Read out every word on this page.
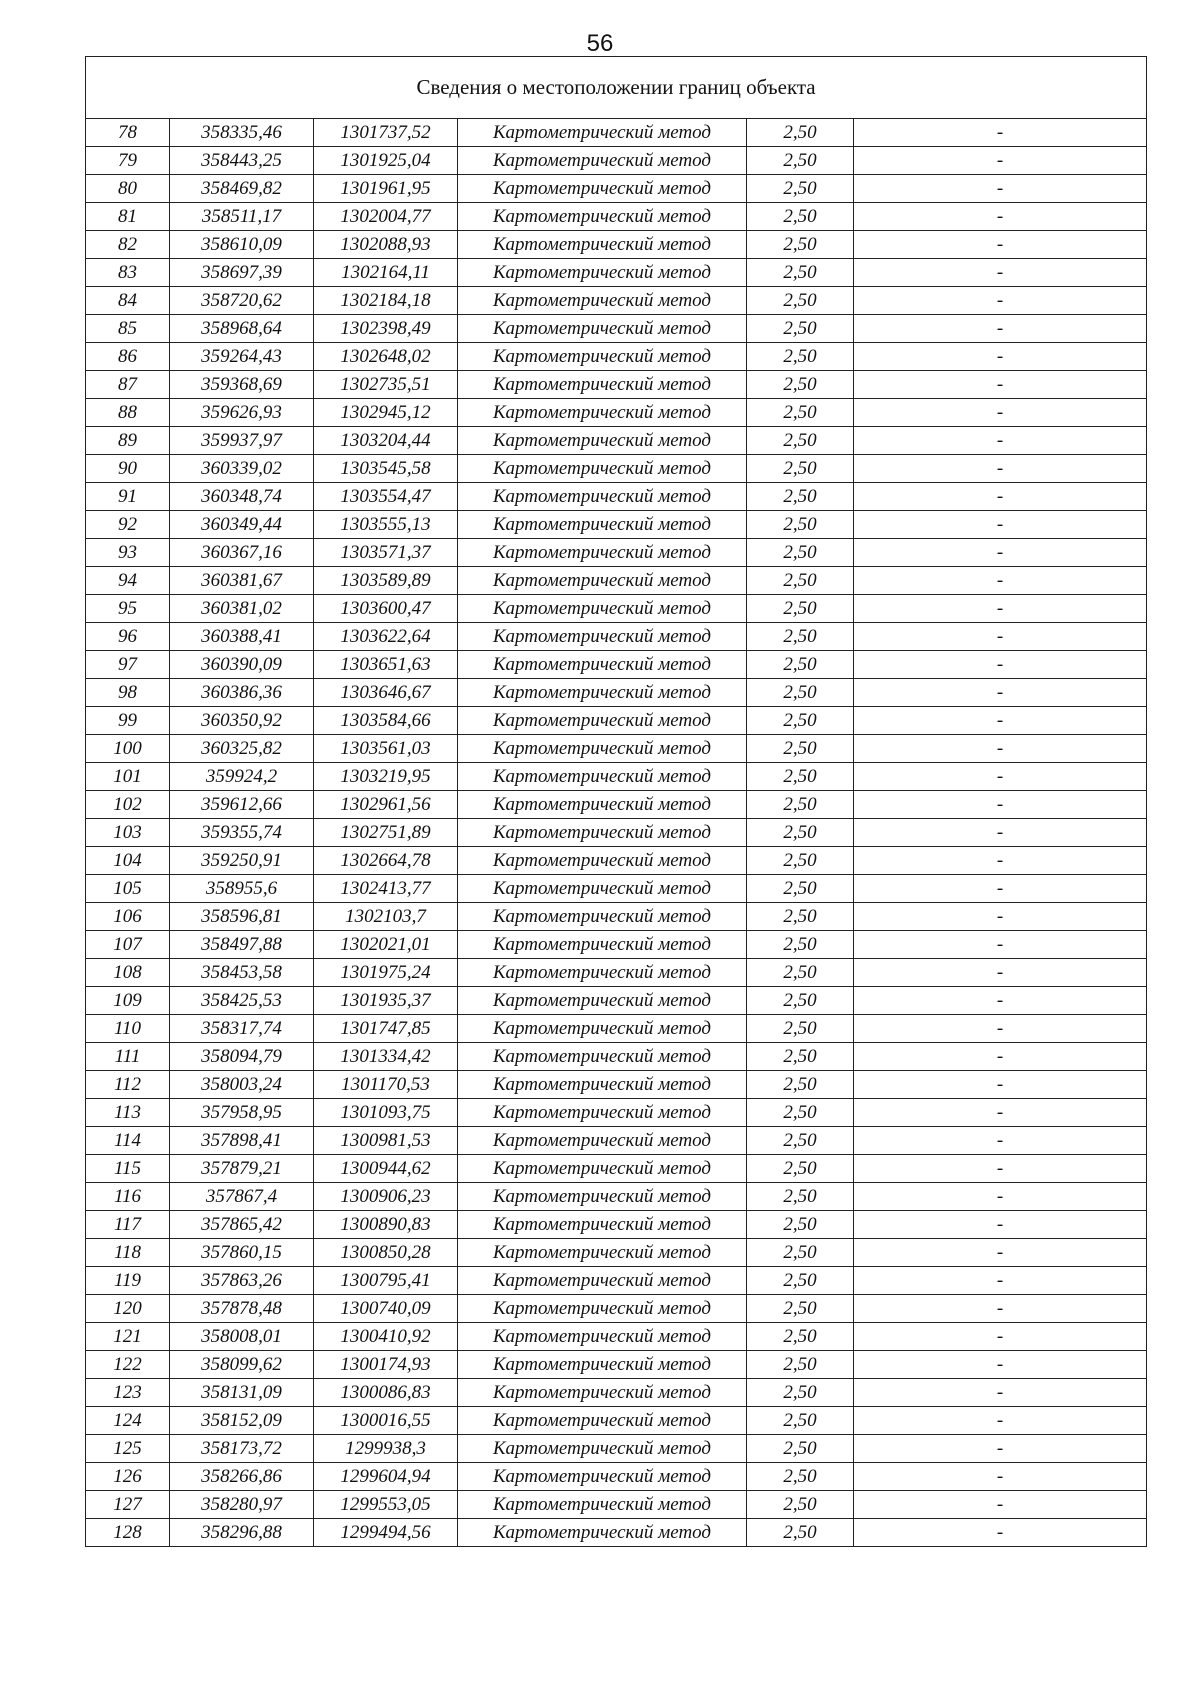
56
Сведения о местоположении границ объекта					
78	358335,46	1301737,52	Картометрический метод	2,50	-
79	358443,25	1301925,04	Картометрический метод	2,50	-
80	358469,82	1301961,95	Картометрический метод	2,50	-
81	358511,17	1302004,77	Картометрический метод	2,50	-
82	358610,09	1302088,93	Картометрический метод	2,50	-
83	358697,39	1302164,11	Картометрический метод	2,50	-
84	358720,62	1302184,18	Картометрический метод	2,50	-
85	358968,64	1302398,49	Картометрический метод	2,50	-
86	359264,43	1302648,02	Картометрический метод	2,50	-
87	359368,69	1302735,51	Картометрический метод	2,50	-
88	359626,93	1302945,12	Картометрический метод	2,50	-
89	359937,97	1303204,44	Картометрический метод	2,50	-
90	360339,02	1303545,58	Картометрический метод	2,50	-
91	360348,74	1303554,47	Картометрический метод	2,50	-
92	360349,44	1303555,13	Картометрический метод	2,50	-
93	360367,16	1303571,37	Картометрический метод	2,50	-
94	360381,67	1303589,89	Картометрический метод	2,50	-
95	360381,02	1303600,47	Картометрический метод	2,50	-
96	360388,41	1303622,64	Картометрический метод	2,50	-
97	360390,09	1303651,63	Картометрический метод	2,50	-
98	360386,36	1303646,67	Картометрический метод	2,50	-
99	360350,92	1303584,66	Картометрический метод	2,50	-
100	360325,82	1303561,03	Картометрический метод	2,50	-
101	359924,2	1303219,95	Картометрический метод	2,50	-
102	359612,66	1302961,56	Картометрический метод	2,50	-
103	359355,74	1302751,89	Картометрический метод	2,50	-
104	359250,91	1302664,78	Картометрический метод	2,50	-
105	358955,6	1302413,77	Картометрический метод	2,50	-
106	358596,81	1302103,7	Картометрический метод	2,50	-
107	358497,88	1302021,01	Картометрический метод	2,50	-
108	358453,58	1301975,24	Картометрический метод	2,50	-
109	358425,53	1301935,37	Картометрический метод	2,50	-
110	358317,74	1301747,85	Картометрический метод	2,50	-
111	358094,79	1301334,42	Картометрический метод	2,50	-
112	358003,24	1301170,53	Картометрический метод	2,50	-
113	357958,95	1301093,75	Картометрический метод	2,50	-
114	357898,41	1300981,53	Картометрический метод	2,50	-
115	357879,21	1300944,62	Картометрический метод	2,50	-
116	357867,4	1300906,23	Картометрический метод	2,50	-
117	357865,42	1300890,83	Картометрический метод	2,50	-
118	357860,15	1300850,28	Картометрический метод	2,50	-
119	357863,26	1300795,41	Картометрический метод	2,50	-
120	357878,48	1300740,09	Картометрический метод	2,50	-
121	358008,01	1300410,92	Картометрический метод	2,50	-
122	358099,62	1300174,93	Картометрический метод	2,50	-
123	358131,09	1300086,83	Картометрический метод	2,50	-
124	358152,09	1300016,55	Картометрический метод	2,50	-
125	358173,72	1299938,3	Картометрический метод	2,50	-
126	358266,86	1299604,94	Картометрический метод	2,50	-
127	358280,97	1299553,05	Картометрический метод	2,50	-
128	358296,88	1299494,56	Картометрический метод	2,50	-
